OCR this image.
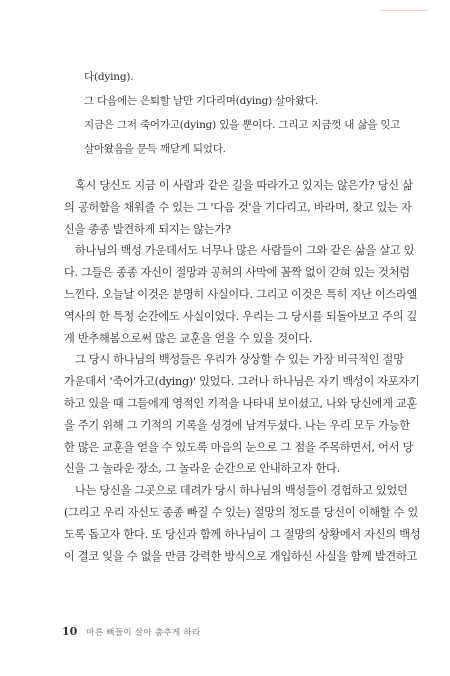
다(dying).
그 다음에는 은퇴할 날만 기다리며(dying) 살아왔다.
지금은 그저 죽어가고(dying) 있을 뿐이다. 그리고 지금껏 내 삶을 잊고
살아왔음을 문득 깨닫게 되었다.
혹시 당신도 지금 이 사람과 같은 길을 따라가고 있지는 않은가? 당신 삶
의 공허함을 채워줄 수 있는 그 '다음 것'을 기다리고, 바라며, 찾고 있는 자
신을 종종 발견하게 되지는 않는가?
하나님의 백성 가운데서도 너무나 많은 사람들이 그와 같은 삶을 살고 있
다. 그들은 종종 자신이 절망과 공허의 사막에 꼼짝 없이 갇혀 있는 것처럼
느낀다. 오늘날 이것은 분명히 사실이다. 그리고 이것은 특히 지난 이스라엘
역사의 한 특정 순간에도 사실이었다. 우리는 그 당시를 되돌아보고 주의 깊
게 반추해봄으로써 많은 교훈을 얻을 수 있을 것이다.
그 당시 하나님의 백성들은 우리가 상상할 수 있는 가장 비극적인 절망
가운데서 '죽어가고(dying)' 있었다. 그러나 하나님은 자기 백성이 자포자기
하고 있을 때 그들에게 영적인 기적을 나타내 보이셨고, 나와 당신에게 교훈
을 주기 위해 그 기적의 기록을 성경에 남겨두셨다. 나는 우리 모두 가능한
한 많은 교훈을 얻을 수 있도록 마음의 눈으로 그 점을 주목하면서, 어서 당
신을 그 놀라운 장소, 그 놀라운 순간으로 안내하고자 한다.
나는 당신을 그곳으로 데려가 당시 하나님의 백성들이 경험하고 있었던
(그리고 우리 자신도 종종 빠질 수 있는) 절망의 정도를 당신이 이해할 수 있
도록 돕고자 한다. 또 당신과 함께 하나님이 그 절망의 상황에서 자신의 백성
이 결코 잊을 수 없을 만큼 강력한 방식으로 개입하신 사실을 함께 발견하고
10 마른 뼈들이 살아 춤추게 하라
